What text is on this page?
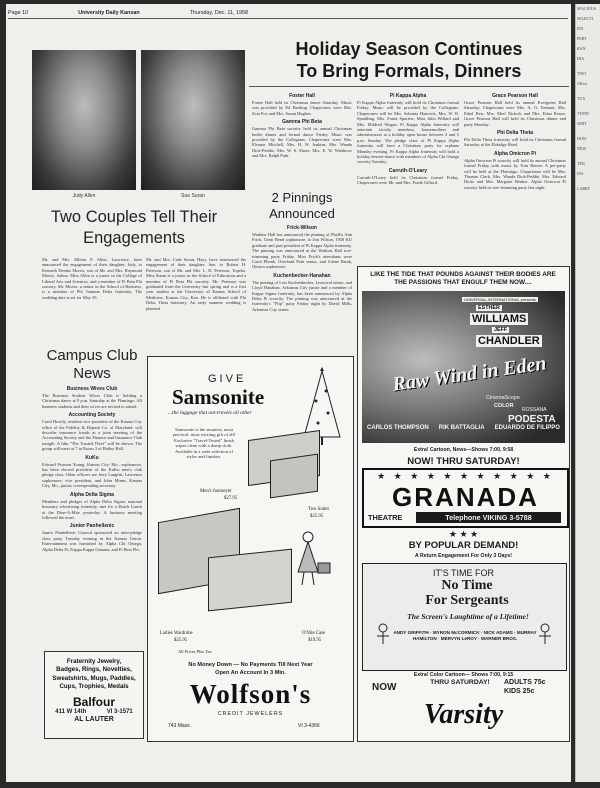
Page 10	University Daily Kansan	Thursday, Dec. 11, 1958
Judy Allen	Sue Suran
Two Couples Tell Their Engagements

Mr. and Mrs. Milton P. Allen, Lawrence, have announced the engagement of their daughter, Judy, to Kenneth Dennis Morris, son of Mr. and Mrs. Raymond Morris, Salina. Miss Allen is a junior in the College of Liberal Arts and Sciences, and a member of Pi Beta Phi sorority. Mr. Morris, a senior in the School of Business, is a member of Phi Gamma Delta fraternity. The wedding date is set for May 29.

Mr. and Mrs. Cade Suran, Hays, have announced the engagement of their daughter, Sue, to Robert H. Peterson, son of Mr. and Mrs. L. D. Peterson, Topeka. Miss Suran is a junior in the School of Education and a member of Pi Beta Phi sorority. Mr. Peterson was graduated from the University last spring and is a first year student at the University of Kansas School of Medicine, Kansas City, Kan. He is affiliated with Phi Delta Theta fraternity. An early summer wedding is planned.

Holiday Season Continues
To Bring Formals, Dinners
Foster Hall

Foster Hall held its Christmas dance Saturday. Music was provided by Ed Harding. Chaperones were Mrs. Zeta Fox and Mrs. Susan Hughes.

Gamma Phi Beta

Gamma Phi Beta sorority held its annual Christmas buffet dinner and formal dance Friday. Music was provided by the Collegians. Chaperones were Mrs. Eleanor Mitchell, Mrs. H. W. Jenkins, Mrs. Wanda Dick-Peddie, Mrs. W. S. Shore, Mrs. E. W. Watthrow and Mrs. Ralph Park.

Pi Kappa Alpha

Pi Kappa Alpha fraternity will hold its Christmas formal Friday. Music will be provided by the Collegians. Chaperones will be Mrs. Sebonia Hancock, Mrs. W. B. Spradling, Mrs. Frank Spurrier, Miss Julia Willard and Mrs. Mildred Wogan. Pi Kappa Alpha fraternity will entertain faculty members, housemothers and administrators at a holiday open house between 3 and 5 p.m. Sunday. The pledge class of Pi Kappa Alpha fraternity will have a Christmas party for orphans Monday evening. Pi Kappa Alpha fraternity will hold a holiday dessert-dance with members of Alpha Chi Omega sorority Tuesday.

Carruth-O'Leary

Carruth-O'Leary held its Christmas formal Friday. Chaperones were Mr. and Mrs. Frank Gifford.

Grace Pearson Hall

Grace Pearson Hall held its annual Evergreen Ball Saturday. Chaperones were Mrs. A. G. Keenan, Mrs. Ethel Kerr, Mrs. Merl Nichols and Mrs. Edna Rouse. Grace Pearson Hall will hold its Christmas dinner and party Monday.

Phi Delta Theta

Phi Delta Theta fraternity will hold its Christmas formal Saturday at the Eldridge Hotel.

Alpha Omicron Pi

Alpha Omicron Pi sorority will hold its annual Christmas formal Friday with music by Tom Reeser. A pre-party will be held at the Flamingo. Chaperones will be Mrs. Thomas Clark, Mrs. Wanda Dick-Peddie, Mrs. Edward Dicks and Mrs. Margaret Benker. Alpha Omicron Pi sorority held its tree-trimming party last night.

2 Pinnings Announced
Frick-Wilson

Watkins Hall has announced the pinning of Phyllis Ann Frick, Great Bend sophomore, to Jim Wilson, 1958 KU graduate and past president of Pi Kappa Alpha fraternity. The pinning was announced at the Watkins Hall tree-trimming party Friday. Miss Frick's attendants were Carol Plumb, Overland Park senior, and Jolene Brink, Ottawa sophomore.

Kuchenbecker-Hanahan

The pinning of Lois Kuchenbecker, Leawood senior, and Lloyd Hanahan, Arkansas City junior and a member of Kappa Sigma fraternity, has been announced by Alpha Delta Pi sorority. The pinning was announced at the fraternity's "Flip" party Friday night by David Mills, Arkansas City senior.

Campus Club News
Business Wives Club

The Business Student Wives Club is holding a Christmas dance at 9 p.m. Saturday at the Flamingo. All business students and their wives are invited to attend.

Accounting Society

Carol Hovely, resident vice president of the Kansas City office of the Fidelity & Deposit Co. of Maryland, will describe insurance frauds at a joint meeting of the Accounting Society and the Finance and Insurance Club tonight. A film "The Trusted Thief" will be shown. The group will meet at 7 in Room 3 of Bailey Hall.

KuKu

Edward Pearson Young, Kansas City, Mo., sophomore, has been elected president of the KuKu men's club pledge class. Other officers are Jerry Langfitt, Lawrence sophomore, vice president, and John Minns, Kansas City, Mo., junior, corresponding secretary.

Alpha Delta Sigma

Members and pledges of Alpha Delta Sigma, national honorary advertising fraternity, met for a Dutch Lunch at the Dine-A-Mite yesterday. A business meeting followed the meal.

Junior Panhellenic

Junior Panhellenic Council sponsored an inter-pledge class party Tuesday evening in the Kansas Union. Entertainment was furnished by Alpha Chi Omega, Alpha Delta Pi, Kappa Kappa Gamma, and Pi Beta Phi.

Fraternity Jewelry,
Badges, Rings, Novelties,
Sweatshirts, Mugs, Paddles,
Cups, Trophies, Medals
Balfour
411 W 14th	VI 3-1571
AL LAUTER
GIVE
Samsonite
...the luggage that out-travels all other

Samsonite is the smartest, most practical, most exciting gift of all! Exclusive "Travel-Tested" finish wipes clean with a damp cloth. Available in a wide selection of styles and finishes.

Men's Journeyer
$27.95
Two Suiter
$25.95
Ladies Wardrobe
$25.95
O'Nite Case
$19.95
All Prices Plus Tax
No Money Down — No Payments Till Next Year
Open An Account In 3 Min.
Wolfson's
CREDIT JEWELERS
743 Mass.	VI 3-4366
LIKE THE TIDE THAT POUNDS AGAINST THEIR BODIES ARE THE PASSIONS THAT ENGULF THEM NOW....
UNIVERSAL-INTERNATIONAL presents
ESTHER
WILLIAMS
JEFF
CHANDLER
Raw Wind in Eden
CinemaScope
COLOR
ROSSANA
PODESTA
CARLOS THOMPSON RIK BATTAGLIA EDUARDO DE FILIPPO
Extra! Cartoon, News—Shows 7:00, 9:58
NOW! THRU SATURDAY!
★ ★ ★ ★ ★ ★ ★ ★ ★ ★ ★
GRANADA
THEATRE	Telephone VIKING 3-5788
★ ★ ★
BY POPULAR DEMAND!
A Return Engagement For Only 3 Days!
IT'S TIME FOR
No Time
For Sergeants
The Screen's Laughtime of a Lifetime!
ANDY GRIFFITH · MYRON McCORMICK · NICK ADAMS · MURRAY HAMILTON · MERVYN LeROY · WARNER BROS.
Extra! Color Cartoon— Shows 7:00, 9:15
NOW	THRU SATURDAY! ADULTS 75c
KIDS 25c
Varsity
SPACIOUS

SELECTI

FIN

PERT

RAN

DIA

TWO

Office

TUX

TYPIN

SMIT

HOW

NEW

TEN

INS

LARRY
